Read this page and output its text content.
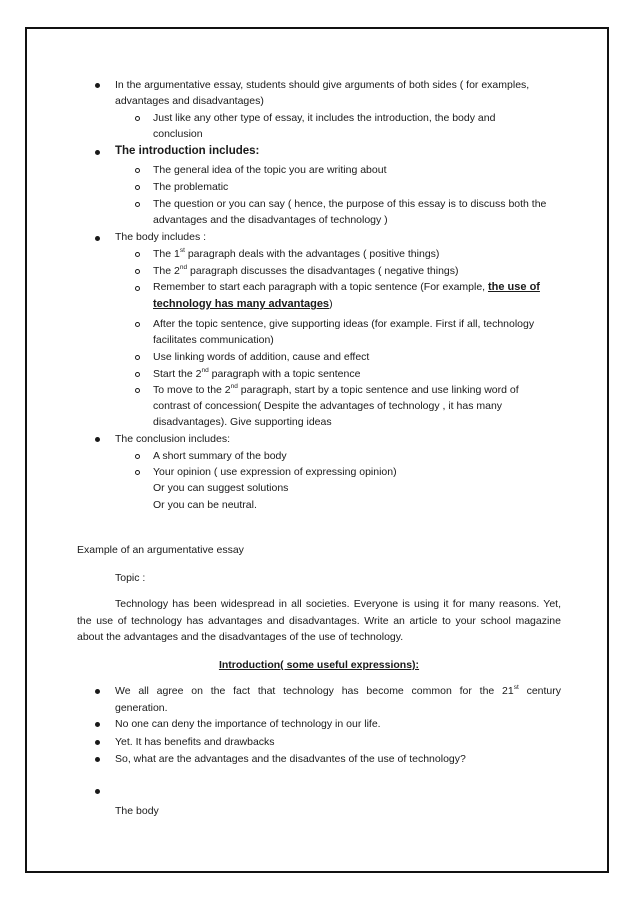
In the argumentative essay, students should give arguments of both sides ( for examples,
advantages and disadvantages)
Just like any other type of essay, it includes the introduction, the body and
conclusion
The introduction includes:
The general idea of the topic you are writing about
The problematic
The question or you can say ( hence, the purpose of this essay is to discuss both the
advantages and the disadvantages of technology )
The body includes :
The 1st paragraph deals with the advantages ( positive things)
The 2nd paragraph discusses the disadvantages ( negative things)
Remember to start each paragraph with a topic sentence (For example, the use of
technology has many advantages)
After the topic sentence, give supporting ideas (for example. First if all, technology
facilitates communication)
Use linking words of addition, cause and effect
Start the 2nd paragraph with a topic sentence
To move to the 2nd paragraph, start by a topic sentence and use linking word of
contrast of concession( Despite the advantages of technology , it has many
disadvantages). Give supporting ideas
The conclusion includes:
A short summary of the body
Your opinion ( use expression of expressing opinion)
Or you can suggest solutions
Or you can be neutral.
Example of an argumentative essay
Topic :
Technology has been widespread in all societies. Everyone is using it for many reasons. Yet,
the use of technology has advantages and disadvantages. Write an article to your school magazine
about the advantages and the disadvantages of the use of technology.
Introduction( some useful expressions):
We all agree on the fact that technology has become common for the 21st century
generation.
No one can deny the importance of technology in our life.
Yet. It has benefits and drawbacks
So, what are the advantages and the disadvantes of the use of technology?
The body
